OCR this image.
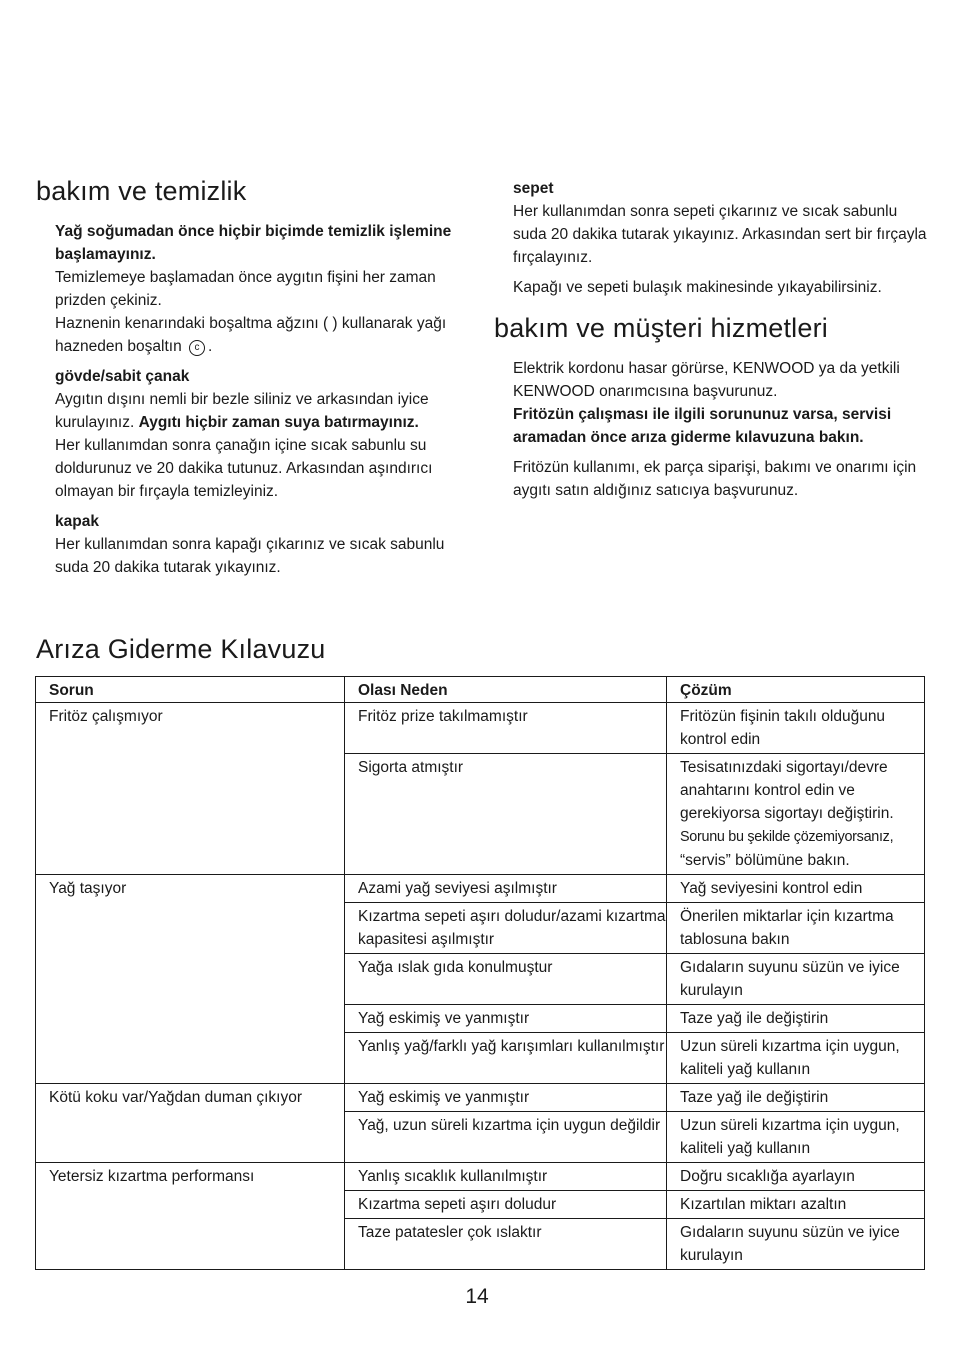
bakım ve temizlik

Yağ soğumadan önce hiçbir biçimde temizlik işlemine başlamayınız.

Temizlemeye başlamadan önce aygıtın fişini her zaman prizden çekiniz.

Haznenin kenarındaki boşaltma ağzını ( ) kullanarak yağı hazneden boşaltın c .

gövde/sabit çanak

Aygıtın dışını nemli bir bezle siliniz ve arkasından iyice kurulayınız. Aygıtı hiçbir zaman suya batırmayınız.

Her kullanımdan sonra çanağın içine sıcak sabunlu su doldurunuz ve 20 dakika tutunuz. Arkasından aşındırıcı olmayan bir fırçayla temizleyiniz.

kapak

Her kullanımdan sonra kapağı çıkarınız ve sıcak sabunlu suda 20 dakika tutarak yıkayınız.

sepet

Her kullanımdan sonra sepeti çıkarınız ve sıcak sabunlu suda 20 dakika tutarak yıkayınız. Arkasından sert bir fırçayla fırçalayınız.

Kapağı ve sepeti bulaşık makinesinde yıkayabilirsiniz.

bakım ve müşteri hizmetleri

Elektrik kordonu hasar görürse, KENWOOD ya da yetkili KENWOOD onarımcısına başvurunuz.

Fritözün çalışması ile ilgili sorununuz varsa, servisi aramadan önce arıza giderme kılavuzuna bakın.

Fritözün kullanımı, ek parça siparişi, bakımı ve onarımı için aygıtı satın aldığınız satıcıya başvurunuz.

Arıza Giderme Kılavuzu
Sorun	Olası Neden	Çözüm
Fritöz çalışmıyor	Fritöz prize takılmamıştır	Fritözün fişinin takılı olduğunu kontrol edin
	Sigorta atmıştır	Tesisatınızdaki sigortayı/devre anahtarını kontrol edin ve gerekiyorsa sigortayı değiştirin.
Sorunu bu şekilde çözemiyorsanız,
“servis” bölümüne bakın.
Yağ taşıyor	Azami yağ seviyesi aşılmıştır	Yağ seviyesini kontrol edin
	Kızartma sepeti aşırı doludur/azami kızartma kapasitesi aşılmıştır	Önerilen miktarlar için kızartma tablosuna bakın
	Yağa ıslak gıda konulmuştur	Gıdaların suyunu süzün ve iyice kurulayın
	Yağ eskimiş ve yanmıştır	Taze yağ ile değiştirin
	Yanlış yağ/farklı yağ karışımları kullanılmıştır	Uzun süreli kızartma için uygun, kaliteli yağ kullanın
Kötü koku var/Yağdan duman çıkıyor	Yağ eskimiş ve yanmıştır	Taze yağ ile değiştirin
	Yağ, uzun süreli kızartma için uygun değildir	Uzun süreli kızartma için uygun, kaliteli yağ kullanın
Yetersiz kızartma performansı	Yanlış sıcaklık kullanılmıştır	Doğru sıcaklığa ayarlayın
	Kızartma sepeti aşırı doludur	Kızartılan miktarı azaltın
	Taze patatesler çok ıslaktır	Gıdaların suyunu süzün ve iyice kurulayın
14
